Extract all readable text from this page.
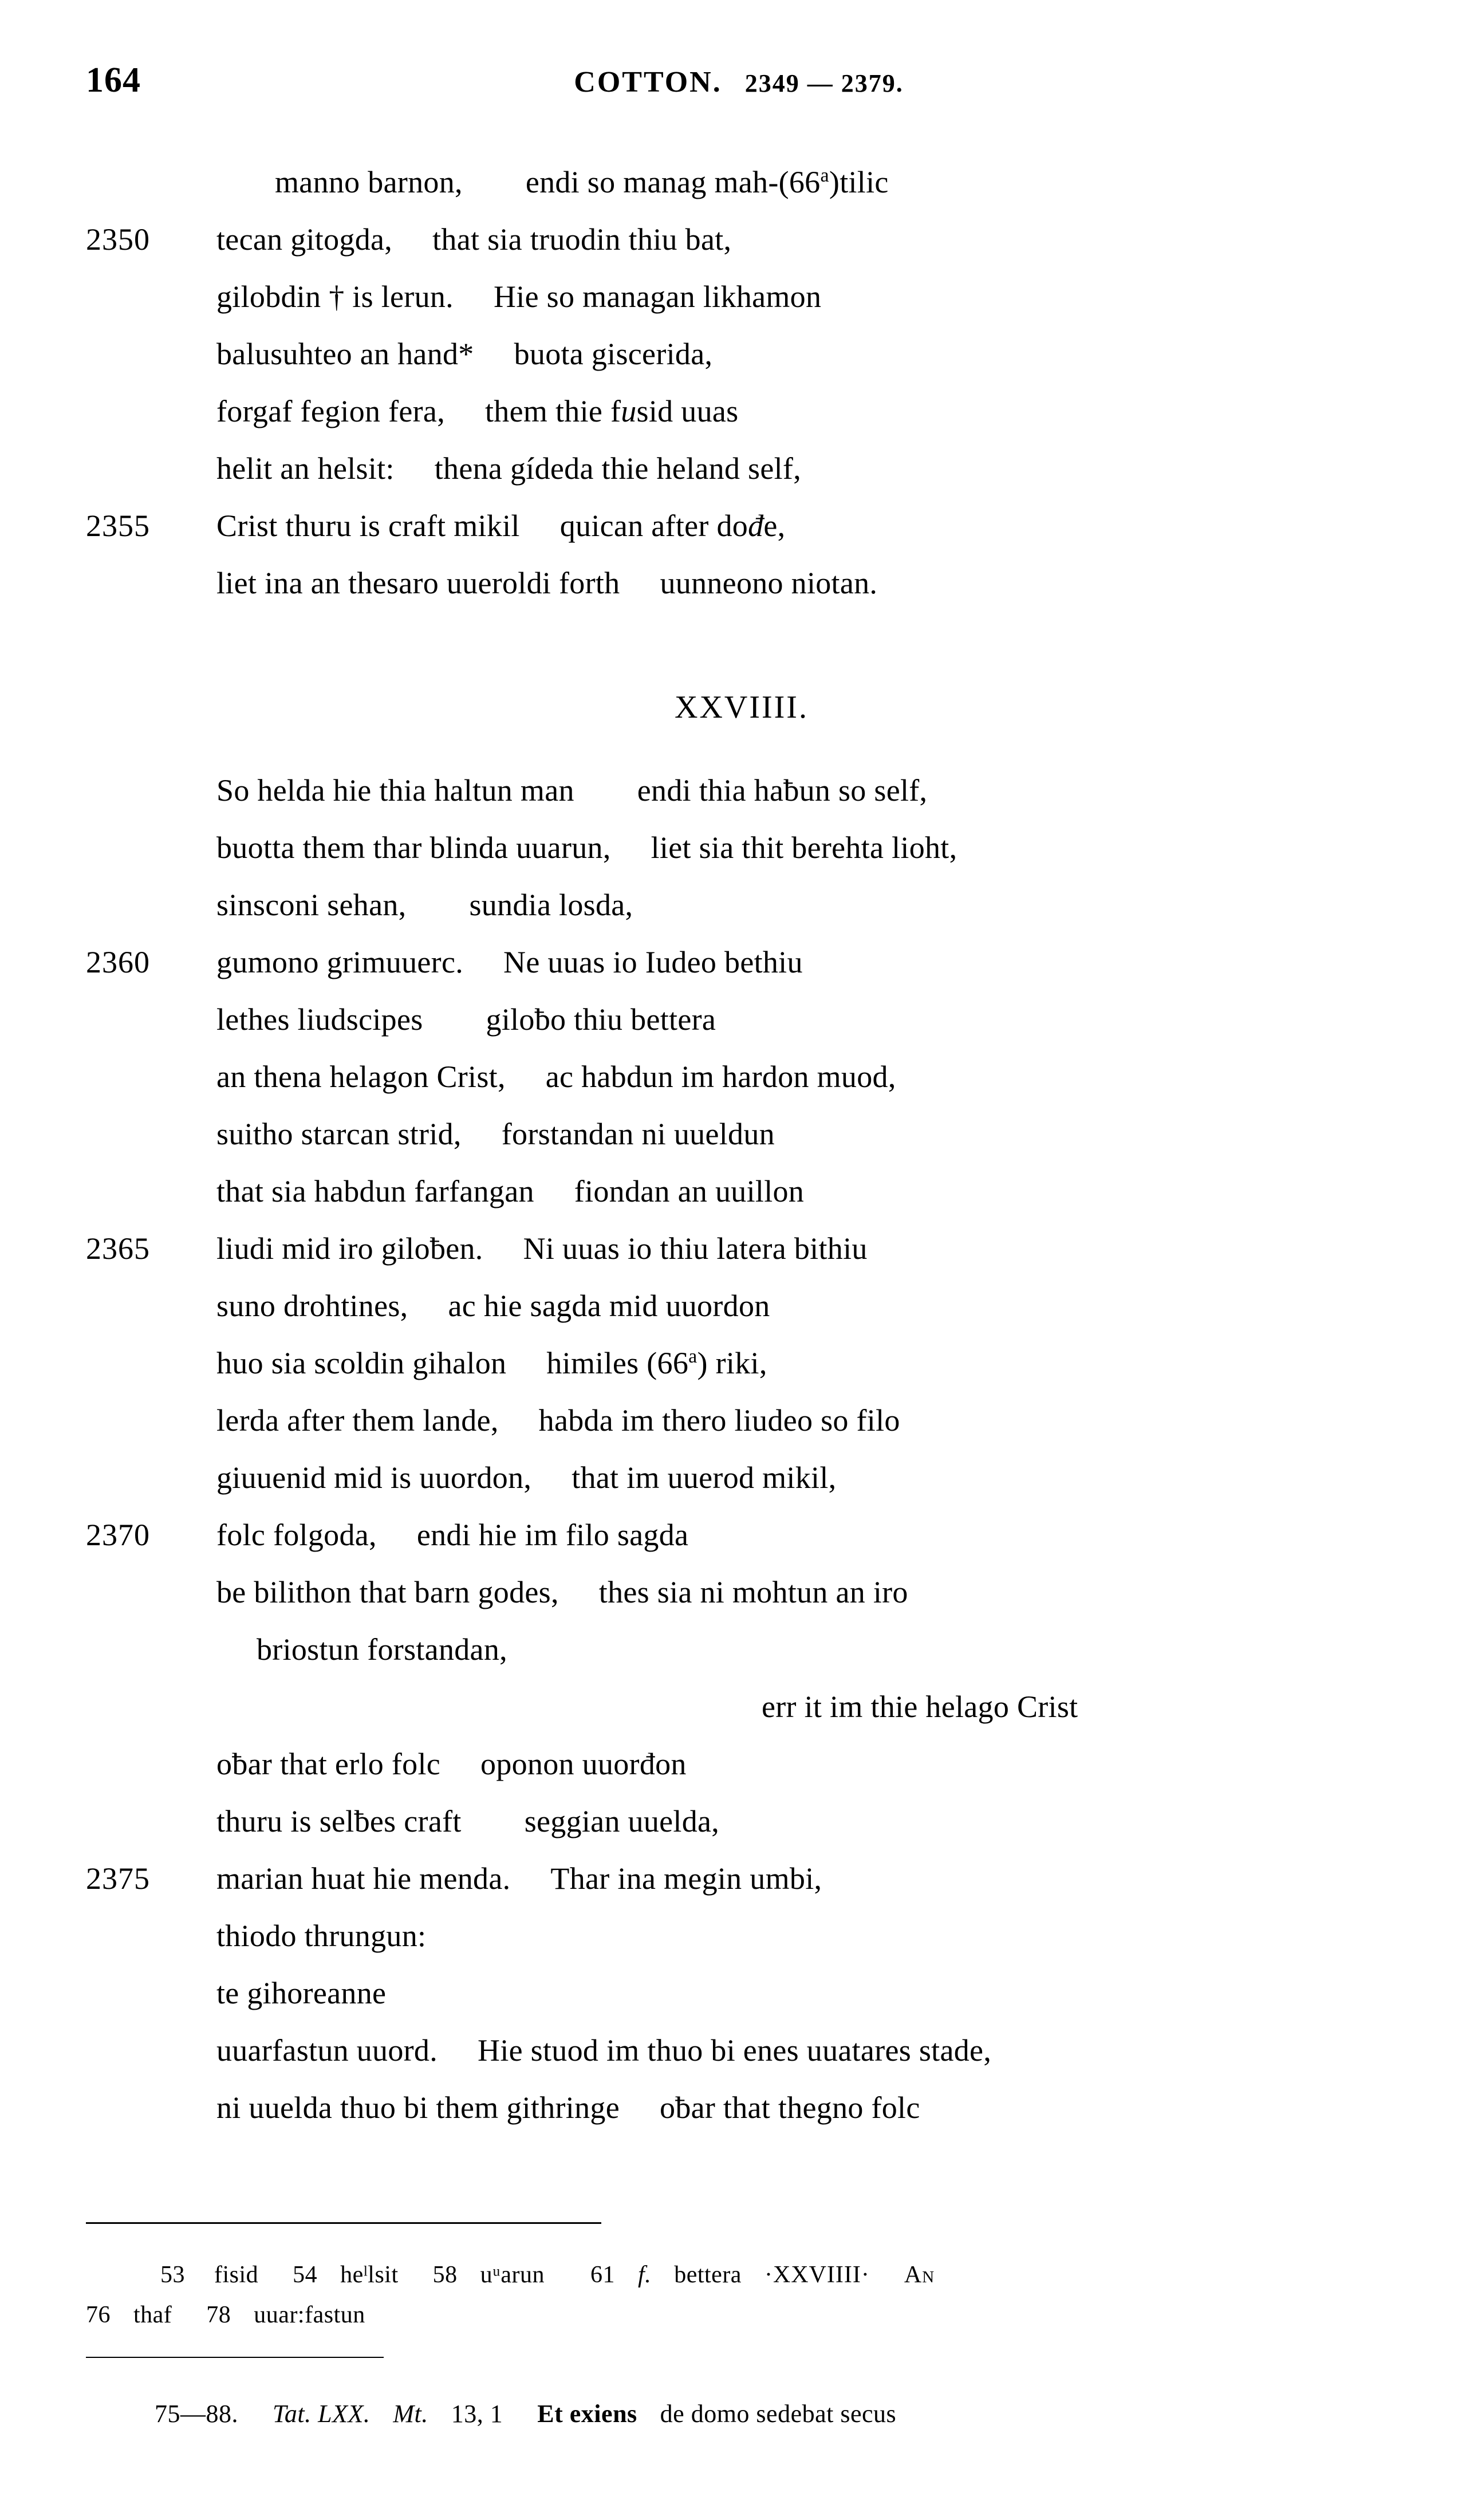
164	COTTON. 2349 — 2379.
manno barnon, endi so manag mah-(66$^a$)tilic
2350	tecan gitogda, that sia truodin thiu bat,
gilobdin † is lerun. Hie so managan likhamon
balusuhteo an hand* buota giscerida,
forgaf fegion fera, them thie fusid uuas
helit an helsit: thena gídeda thie heland self,
2355	Crist thuru is craft mikil quican after dođe,
liet ina an thesaro uueroldi forth uunneono niotan.
XXVIIII.
So helda hie thia haltun man endi thia haƀun so self,
buotta them thar blinda uuarun, liet sia thit berehta lioht,
sinsconi sehan, sundia losda,
2360	gumono grimuuerc. Ne uuas io Iudeo bethiu
lethes liudscipes giloƀo thiu bettera
an thena helagon Crist, ac habdun im hardon muod,
suitho starcan strid, forstandan ni uueldun
that sia habdun farfangan fiondan an uuillon
2365	liudi mid iro giloƀen. Ni uuas io thiu latera bithiu
suno drohtines, ac hie sagda mid uuordon
huo sia scoldin gihalon himiles (66$^a$) riki,
lerda after them lande, habda im thero liudeo so filo
giuuenid mid is uuordon, that im uuerod mikil,
2370	folc folgoda, endi hie im filo sagda
be bilithon that barn godes, thes sia ni mohtun an iro
briostun forstandan,
err it im thie helago Crist
oƀar that erlo folc oponon uuorđon
thuru is selƀes craft seggian uuelda,
2375	marian huat hie menda. Thar ina megin umbi,
thiodo thrungun:
te gihoreanne
uuarfastun uuord. Hie stuod im thuo bi enes uuatares stade,
ni uuelda thuo bi them githringe oƀar that thegno folc
53 fisid 54 heˡlsit 58 uᵘarun 61 f. bettera ·XXVIIII· An
76 thaf 78 uuar:fastun
75—88. Tat. LXX. Mt. 13, 1 Et exiens de domo sedebat secus
